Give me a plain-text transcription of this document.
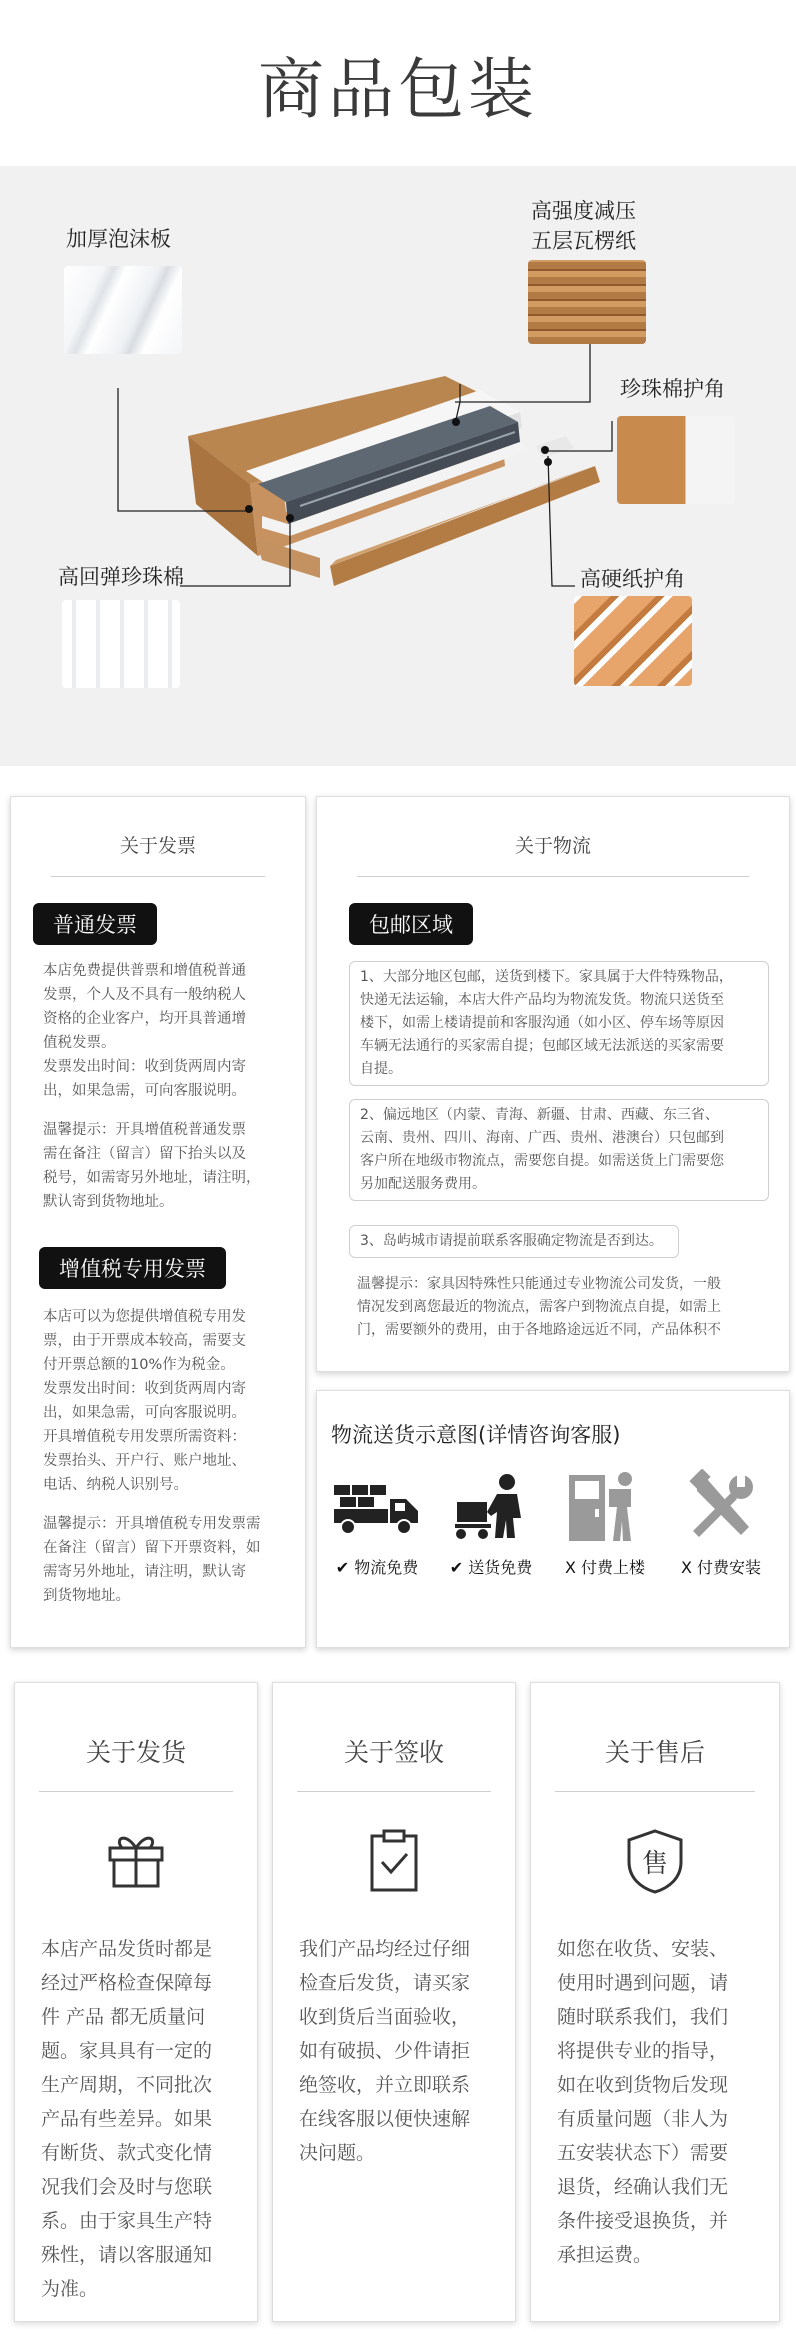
商品包装
加厚泡沫板
高强度减压
五层瓦楞纸
珍珠棉护角
高回弹珍珠棉	高硬纸护角
关于发票
普通发票
本店免费提供普票和增值税普通
发票，个人及不具有一般纳税人
资格的企业客户，均开具普通增
值税发票。
发票发出时间：收到货两周内寄
出，如果急需，可向客服说明。
温馨提示：开具增值税普通发票
需在备注（留言）留下抬头以及
税号，如需寄另外地址，请注明，
默认寄到货物地址。
增值税专用发票
本店可以为您提供增值税专用发
票，由于开票成本较高，需要支
付开票总额的10%作为税金。
发票发出时间：收到货两周内寄
出，如果急需，可向客服说明。
开具增值税专用发票所需资料：
发票抬头、开户行、账户地址、
电话、纳税人识别号。
温馨提示：开具增值税专用发票需
在备注（留言）留下开票资料，如
需寄另外地址，请注明，默认寄
到货物地址。
关于物流
包邮区域
1、大部分地区包邮，送货到楼下。家具属于大件特殊物品，
快递无法运输，本店大件产品均为物流发货。物流只送货至
楼下，如需上楼请提前和客服沟通（如小区、停车场等原因
车辆无法通行的买家需自提；包邮区域无法派送的买家需要
自提。
2、偏远地区（内蒙、青海、新疆、甘肃、西藏、东三省、
云南、贵州、四川、海南、广西、贵州、港澳台）只包邮到
客户所在地级市物流点，需要您自提。如需送货上门需要您
另加配送服务费用。
3、岛屿城市请提前联系客服确定物流是否到达。
温馨提示：家具因特殊性只能通过专业物流公司发货，一般
情况发到离您最近的物流点，需客户到物流点自提，如需上
门，需要额外的费用，由于各地路途远近不同，产品体积不
物流送货示意图(详情咨询客服)
✔ 物流免费 ✔ 送货免费	X 付费上楼	X 付费安装
关于发货
本店产品发货时都是
经过严格检查保障每
件 产品 都无质量问
题。家具具有一定的
生产周期，不同批次
产品有些差异。如果
有断货、款式变化情
况我们会及时与您联
系。由于家具生产特
殊性，请以客服通知
为准。
关于签收
我们产品均经过仔细
检查后发货，请买家
收到货后当面验收，
如有破损、少件请拒
绝签收，并立即联系
在线客服以便快速解
决问题。
关于售后
售
如您在收货、安装、
使用时遇到问题，请
随时联系我们，我们
将提供专业的指导，
如在收到货物后发现
有质量问题（非人为
五安装状态下）需要
退货，经确认我们无
条件接受退换货，并
承担运费。
